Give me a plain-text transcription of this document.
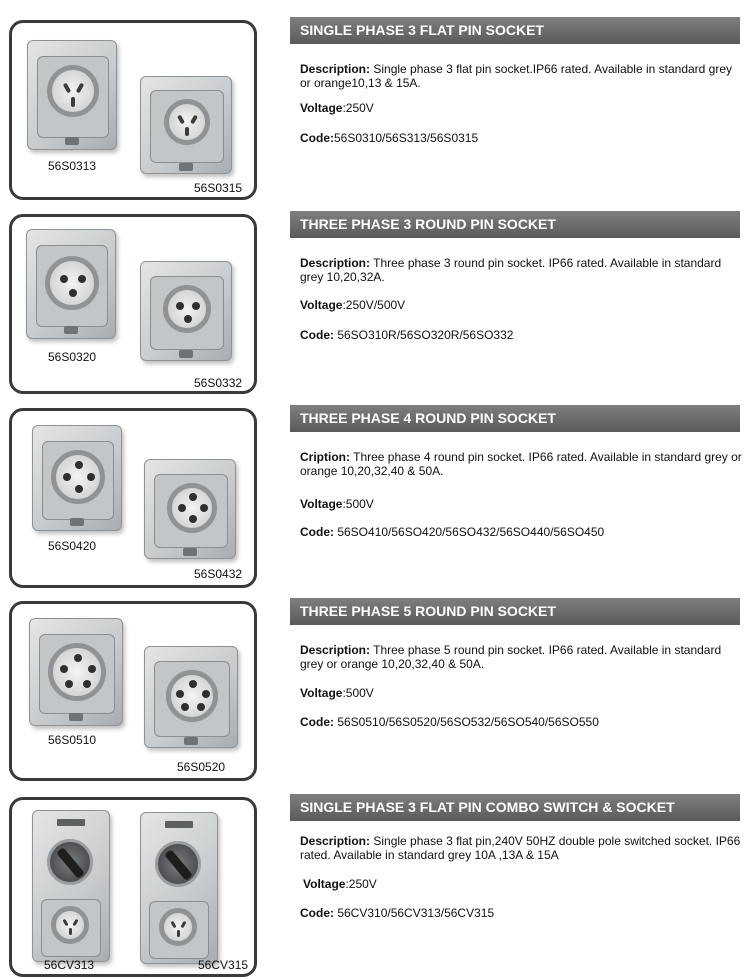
56S0313
56S0315
SINGLE PHASE 3 FLAT PIN SOCKET
Description: Single phase 3 flat pin socket.IP66 rated. Available in standard grey or orange10,13 & 15A.
Voltage:250V
Code:56S0310/56S313/56S0315
56S0320
56S0332
THREE PHASE 3 ROUND PIN SOCKET
Description: Three phase 3 round pin socket. IP66 rated. Available in standard grey 10,20,32A.
Voltage:250V/500V
Code: 56SO310R/56SO320R/56SO332
56S0420
56S0432
THREE PHASE 4 ROUND PIN SOCKET
Cription: Three phase 4 round pin socket. IP66 rated. Available in standard grey or orange 10,20,32,40 & 50A.
Voltage:500V
Code: 56SO410/56SO420/56SO432/56SO440/56SO450
56S0510
56S0520
THREE PHASE 5 ROUND PIN SOCKET
Description: Three phase 5 round pin socket. IP66 rated. Available in standard grey or orange 10,20,32,40 & 50A.
Voltage:500V
Code: 56S0510/56S0520/56SO532/56SO540/56SO550
56CV313	56CV315
SINGLE PHASE 3 FLAT PIN COMBO SWITCH & SOCKET
Description: Single phase 3 flat pin,240V 50HZ double pole switched socket. IP66 rated. Available in standard grey 10A ,13A & 15A
Voltage:250V
Code: 56CV310/56CV313/56CV315
